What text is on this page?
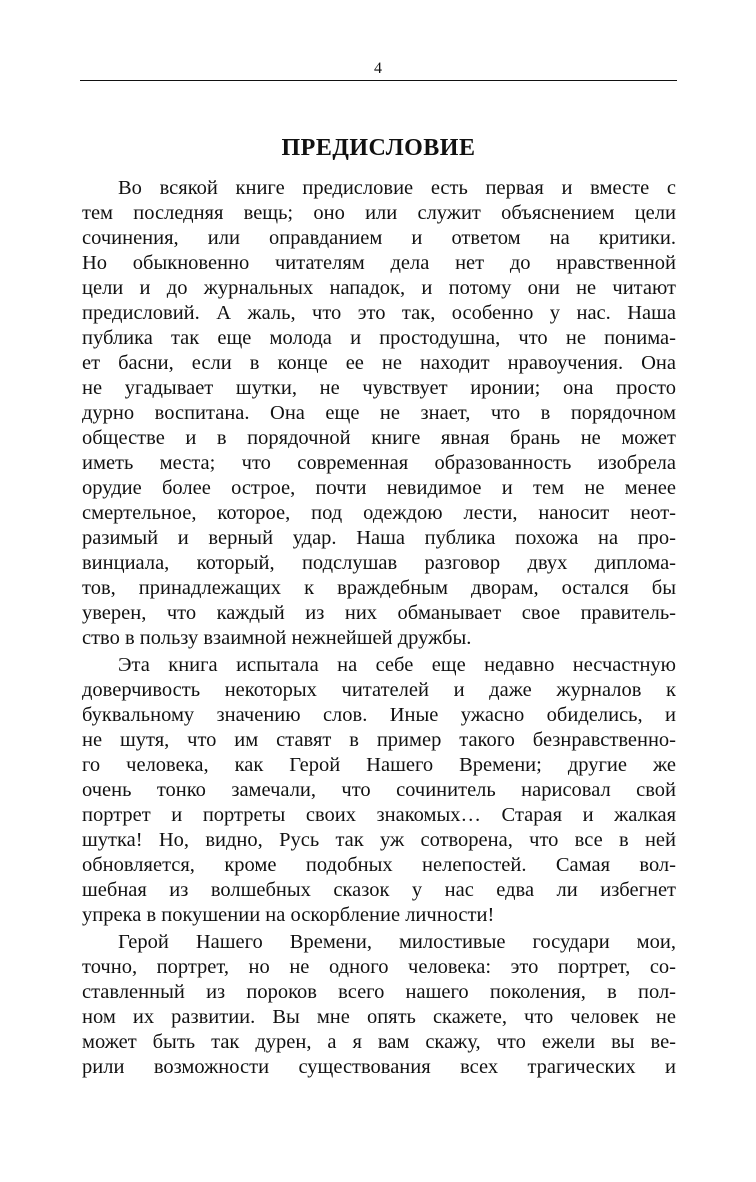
4
ПРЕДИСЛОВИЕ
Во всякой книге предисловие есть первая и вместе с
тем последняя вещь; оно или служит объяснением цели
сочинения, или оправданием и ответом на критики.
Но обыкновенно читателям дела нет до нравственной
цели и до журнальных нападок, и потому они не читают
предисловий. А жаль, что это так, особенно у нас. Наша
публика так еще молода и простодушна, что не понима-
ет басни, если в конце ее не находит нравоучения. Она
не угадывает шутки, не чувствует иронии; она просто
дурно воспитана. Она еще не знает, что в порядочном
обществе и в порядочной книге явная брань не может
иметь места; что современная образованность изобрела
орудие более острое, почти невидимое и тем не менее
смертельное, которое, под одеждою лести, наносит неот-
разимый и верный удар. Наша публика похожа на про-
винциала, который, подслушав разговор двух диплома-
тов, принадлежащих к враждебным дворам, остался бы
уверен, что каждый из них обманывает свое правитель-
ство в пользу взаимной нежнейшей дружбы.
Эта книга испытала на себе еще недавно несчастную
доверчивость некоторых читателей и даже журналов к
буквальному значению слов. Иные ужасно обиделись, и
не шутя, что им ставят в пример такого безнравственно-
го человека, как Герой Нашего Времени; другие же
очень тонко замечали, что сочинитель нарисовал свой
портрет и портреты своих знакомых… Старая и жалкая
шутка! Но, видно, Русь так уж сотворена, что все в ней
обновляется, кроме подобных нелепостей. Самая вол-
шебная из волшебных сказок у нас едва ли избегнет
упрека в покушении на оскорбление личности!
Герой Нашего Времени, милостивые государи мои,
точно, портрет, но не одного человека: это портрет, со-
ставленный из пороков всего нашего поколения, в пол-
ном их развитии. Вы мне опять скажете, что человек не
может быть так дурен, а я вам скажу, что ежели вы ве-
рили возможности существования всех трагических и
